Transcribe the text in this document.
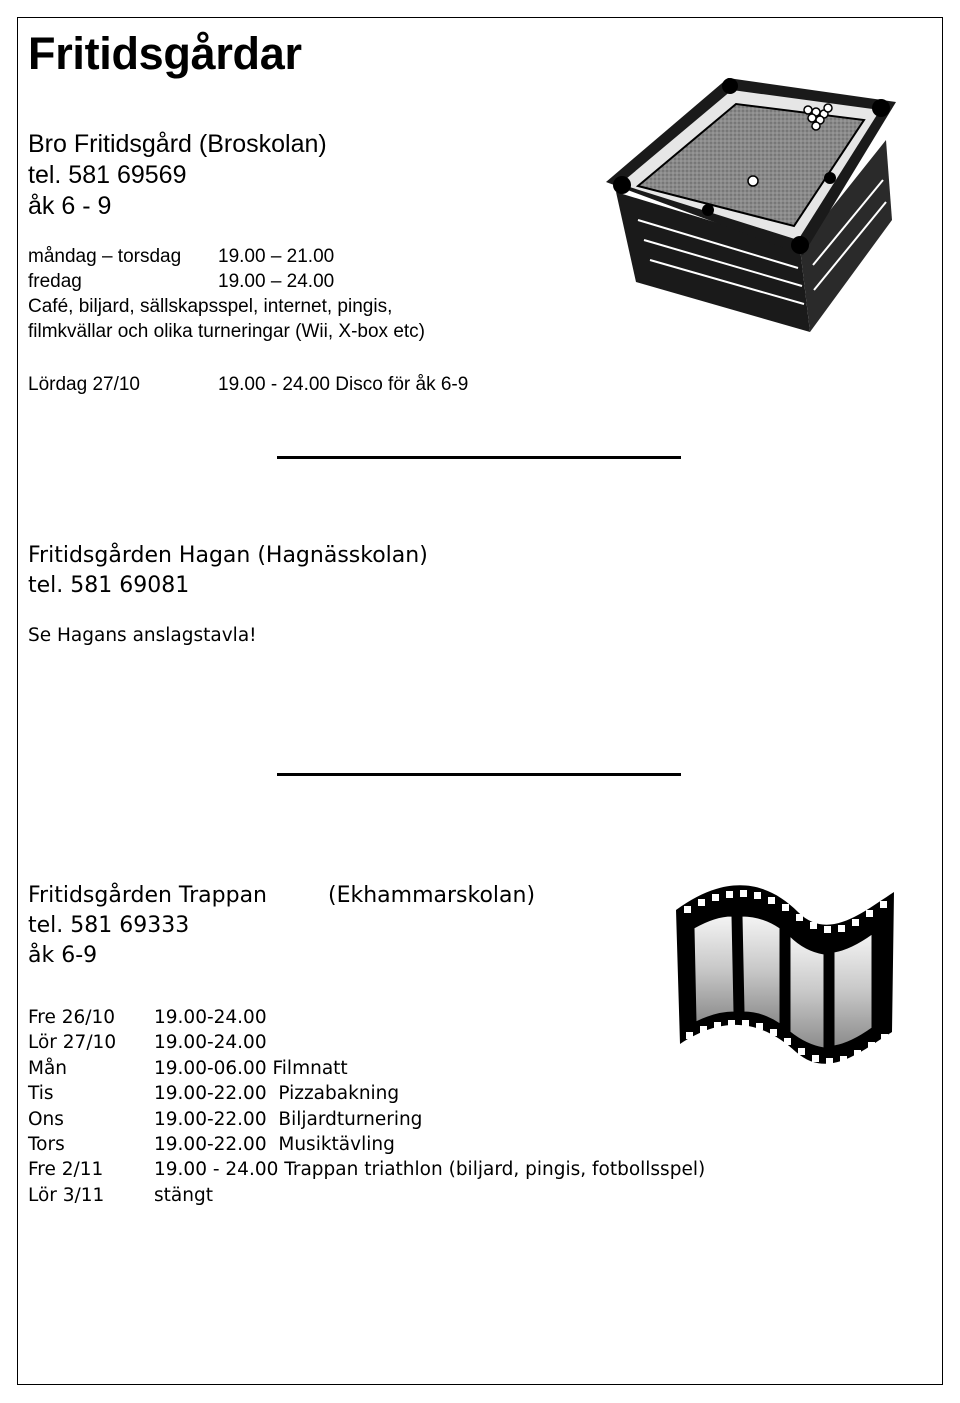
Fritidsgårdar
Bro Fritidsgård (Broskolan)
tel. 581 69569
åk 6 - 9
måndag – torsdag 19.00 – 21.00
fredag	19.00 – 24.00
Café, biljard, sällskapsspel, internet, pingis,
filmkvällar och olika turneringar (Wii, X-box etc)
Lördag 27/10	19.00 - 24.00 Disco för åk 6-9
Fritidsgården Hagan (Hagnässkolan)
tel. 581 69081
Se Hagans anslagstavla!
Fritidsgården Trappan	(Ekhammarskolan)
tel. 581 69333
åk 6-9
Fre 26/10	19.00-24.00
Lör 27/10	19.00-24.00
Mån	19.00-06.00 Filmnatt
Tis	19.00-22.00 Pizzabakning
Ons	19.00-22.00 Biljardturnering
Tors	19.00-22.00 Musiktävling
Fre 2/11	19.00 - 24.00 Trappan triathlon (biljard, pingis, fotbollsspel)
Lör 3/11	stängt
